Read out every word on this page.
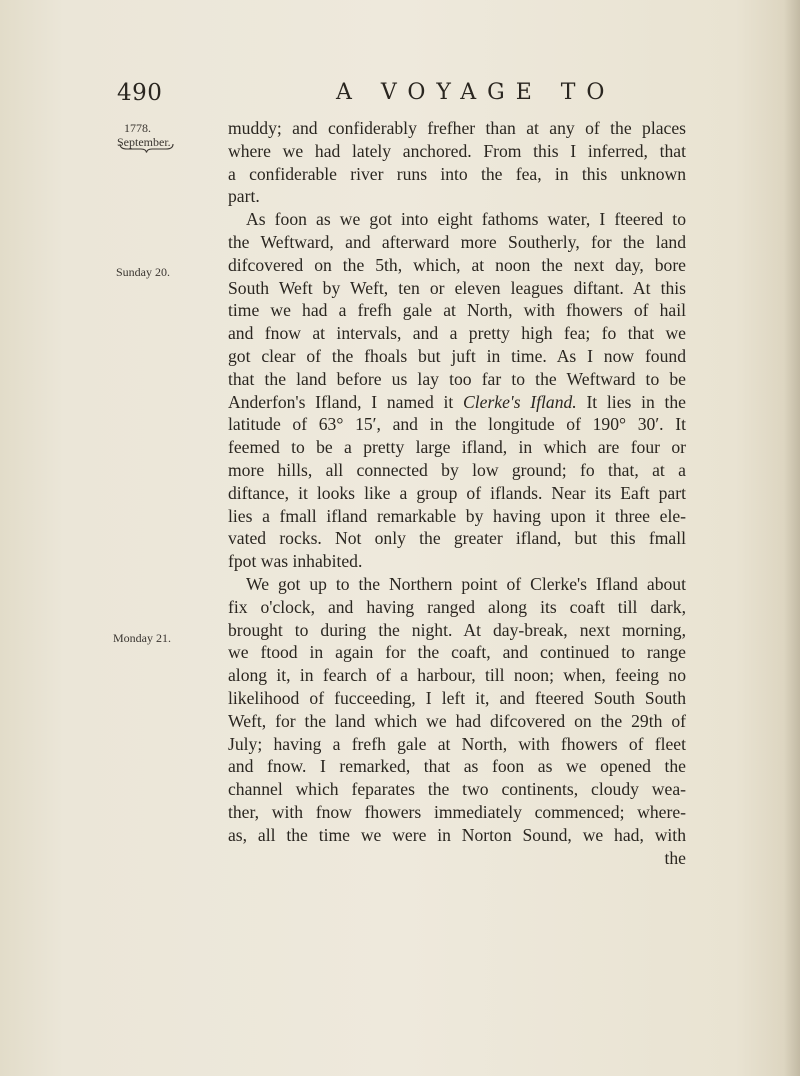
490	A VOYAGE TO
1778.
September.
Sunday 20.
Monday 21.
muddy; and confiderably frefher than at any of the places
where we had lately anchored. From this I inferred, that
a confiderable river runs into the fea, in this unknown
part.
As foon as we got into eight fathoms water, I fteered to
the Weftward, and afterward more Southerly, for the land
difcovered on the 5th, which, at noon the next day, bore
South Weft by Weft, ten or eleven leagues diftant. At this
time we had a frefh gale at North, with fhowers of hail
and fnow at intervals, and a pretty high fea; fo that we
got clear of the fhoals but juft in time. As I now found
that the land before us lay too far to the Weftward to be
Anderfon's Ifland, I named it Clerke's Ifland. It lies in the
latitude of 63° 15′, and in the longitude of 190° 30′. It
feemed to be a pretty large ifland, in which are four or
more hills, all connected by low ground; fo that, at a
diftance, it looks like a group of iflands. Near its Eaft part
lies a fmall ifland remarkable by having upon it three ele-
vated rocks. Not only the greater ifland, but this fmall
fpot was inhabited.
We got up to the Northern point of Clerke's Ifland about
fix o'clock, and having ranged along its coaft till dark,
brought to during the night. At day-break, next morning,
we ftood in again for the coaft, and continued to range
along it, in fearch of a harbour, till noon; when, feeing no
likelihood of fucceeding, I left it, and fteered South South
Weft, for the land which we had difcovered on the 29th of
July; having a frefh gale at North, with fhowers of fleet
and fnow. I remarked, that as foon as we opened the
channel which feparates the two continents, cloudy wea-
ther, with fnow fhowers immediately commenced; where-
as, all the time we were in Norton Sound, we had, with
the
